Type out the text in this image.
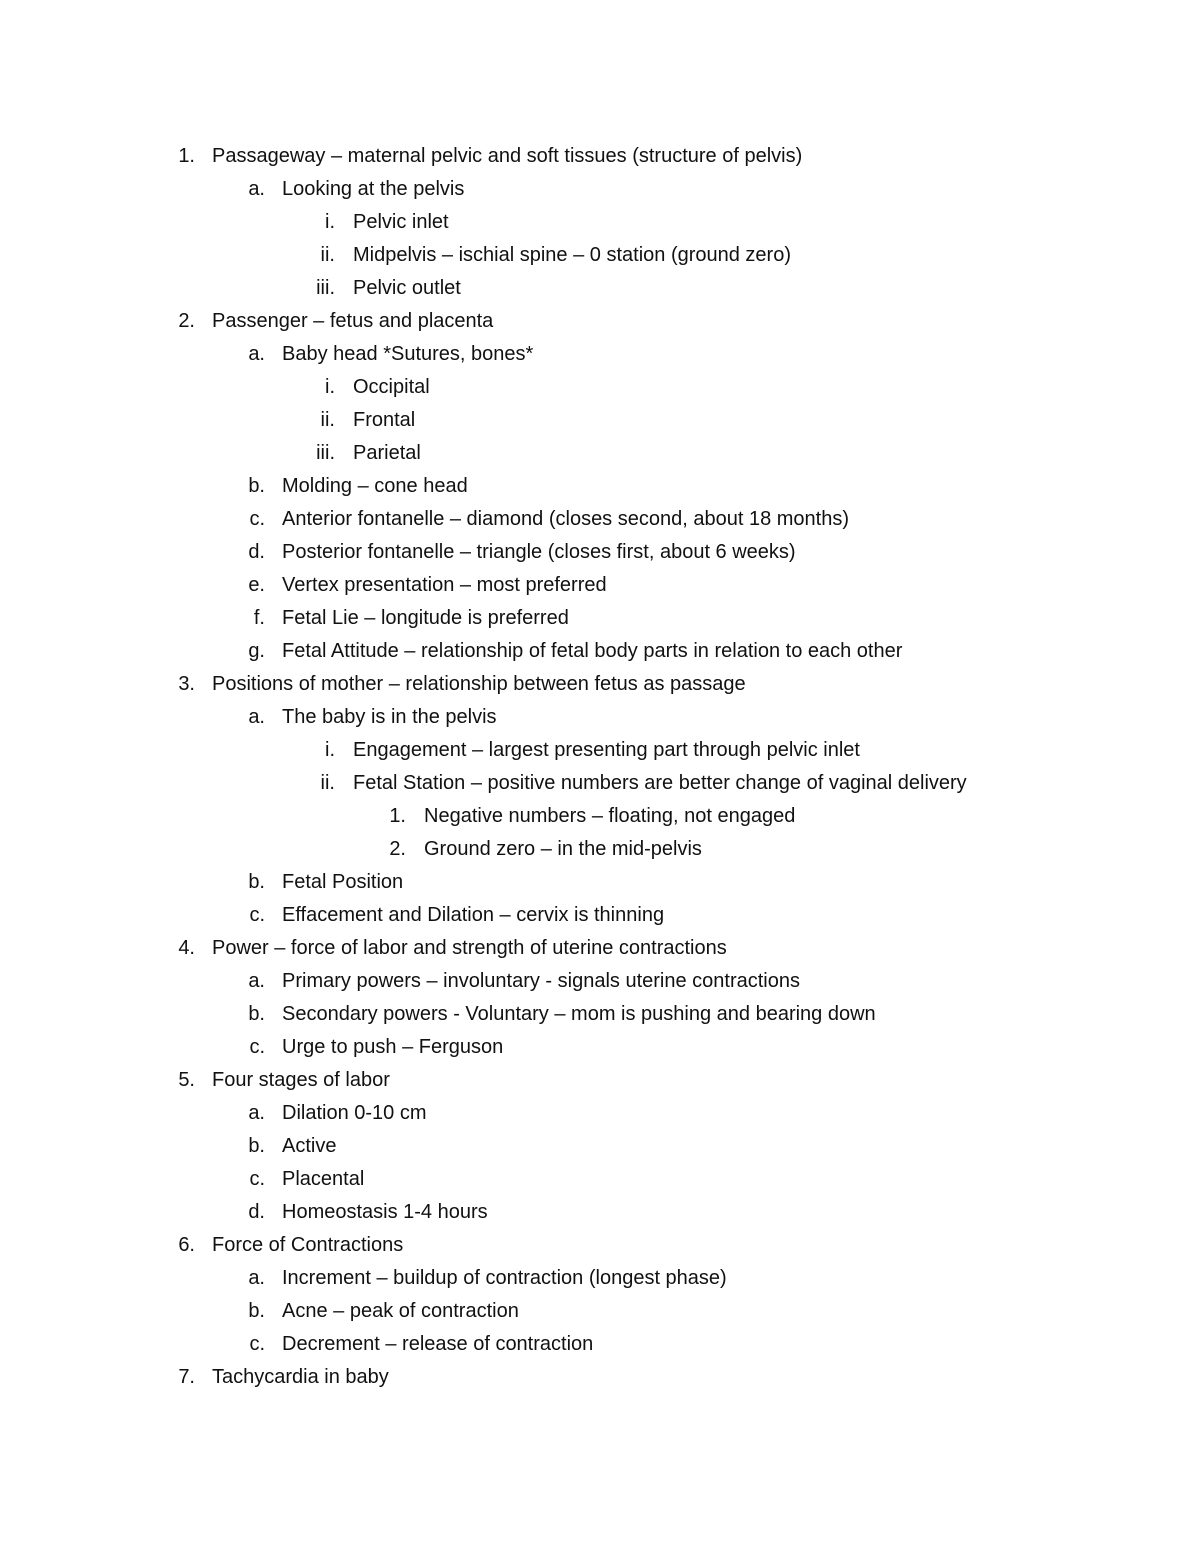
1. Passageway – maternal pelvic and soft tissues (structure of pelvis)
a. Looking at the pelvis
i. Pelvic inlet
ii. Midpelvis – ischial spine – 0 station (ground zero)
iii. Pelvic outlet
2. Passenger – fetus and placenta
a. Baby head *Sutures, bones*
i. Occipital
ii. Frontal
iii. Parietal
b. Molding – cone head
c. Anterior fontanelle – diamond (closes second, about 18 months)
d. Posterior fontanelle – triangle (closes first, about 6 weeks)
e. Vertex presentation – most preferred
f. Fetal Lie – longitude is preferred
g. Fetal Attitude – relationship of fetal body parts in relation to each other
3. Positions of mother – relationship between fetus as passage
a. The baby is in the pelvis
i. Engagement – largest presenting part through pelvic inlet
ii. Fetal Station – positive numbers are better change of vaginal delivery
1. Negative numbers – floating, not engaged
2. Ground zero – in the mid-pelvis
b. Fetal Position
c. Effacement and Dilation – cervix is thinning
4. Power – force of labor and strength of uterine contractions
a. Primary powers – involuntary - signals uterine contractions
b. Secondary powers - Voluntary – mom is pushing and bearing down
c. Urge to push – Ferguson
5. Four stages of labor
a. Dilation 0-10 cm
b. Active
c. Placental
d. Homeostasis 1-4 hours
6. Force of Contractions
a. Increment – buildup of contraction (longest phase)
b. Acne – peak of contraction
c. Decrement – release of contraction
7. Tachycardia in baby
